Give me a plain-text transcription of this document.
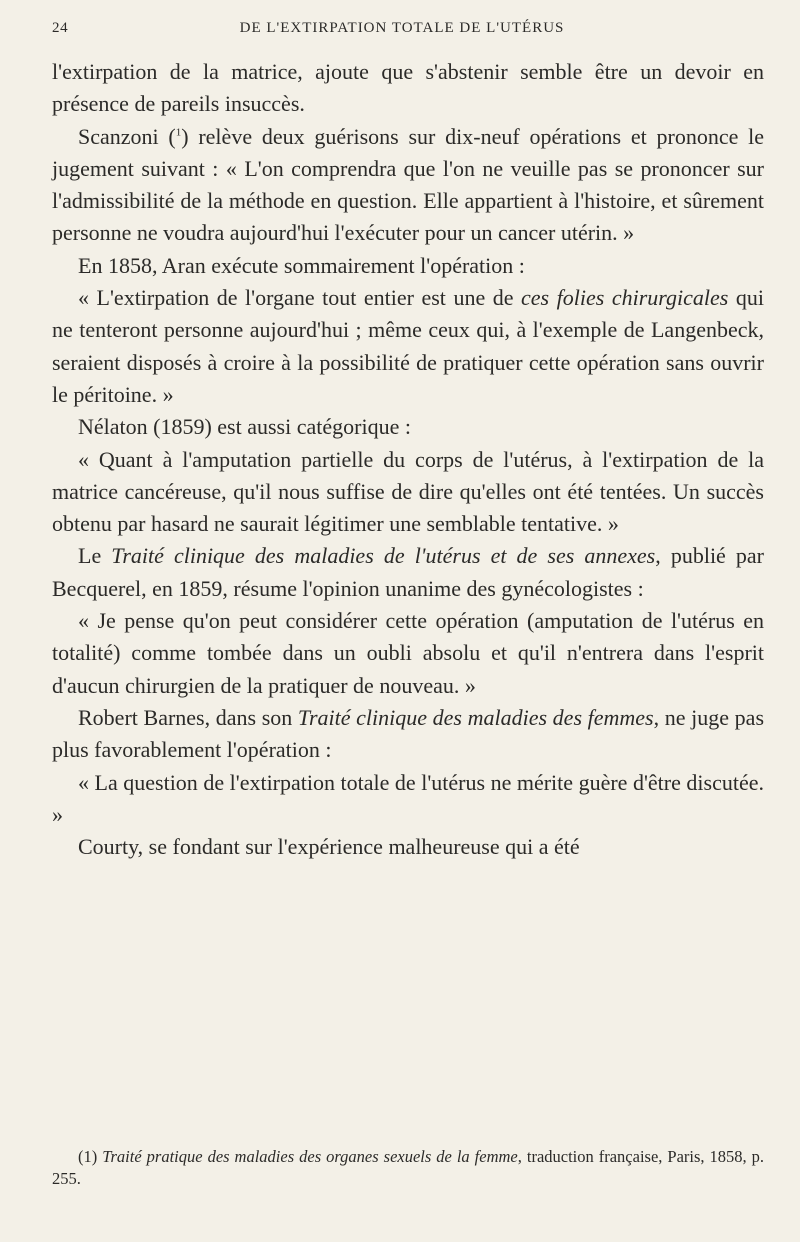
24	DE L'EXTIRPATION TOTALE DE L'UTÉRUS

l'extirpation de la matrice, ajoute que s'abstenir semble être un devoir en présence de pareils insuccès.

Scanzoni ($^1$) relève deux guérisons sur dix-neuf opérations et prononce le jugement suivant : « L'on comprendra que l'on ne veuille pas se prononcer sur l'admissibilité de la méthode en question. Elle appartient à l'histoire, et sûrement personne ne voudra aujourd'hui l'exécuter pour un cancer utérin. »

En 1858, Aran exécute sommairement l'opération :

« L'extirpation de l'organe tout entier est une de ces folies chirurgicales qui ne tenteront personne aujourd'hui ; même ceux qui, à l'exemple de Langenbeck, seraient disposés à croire à la possibilité de pratiquer cette opération sans ouvrir le péritoine. »

Nélaton (1859) est aussi catégorique :

« Quant à l'amputation partielle du corps de l'utérus, à l'extirpation de la matrice cancéreuse, qu'il nous suffise de dire qu'elles ont été tentées. Un succès obtenu par hasard ne saurait légitimer une semblable tentative. »

Le Traité clinique des maladies de l'utérus et de ses annexes, publié par Becquerel, en 1859, résume l'opinion unanime des gynécologistes :

« Je pense qu'on peut considérer cette opération (amputation de l'utérus en totalité) comme tombée dans un oubli absolu et qu'il n'entrera dans l'esprit d'aucun chirurgien de la pratiquer de nouveau. »

Robert Barnes, dans son Traité clinique des maladies des femmes, ne juge pas plus favorablement l'opération :

« La question de l'extirpation totale de l'utérus ne mérite guère d'être discutée. »

Courty, se fondant sur l'expérience malheureuse qui a été

(1) Traité pratique des maladies des organes sexuels de la femme, traduction française, Paris, 1858, p. 255.
